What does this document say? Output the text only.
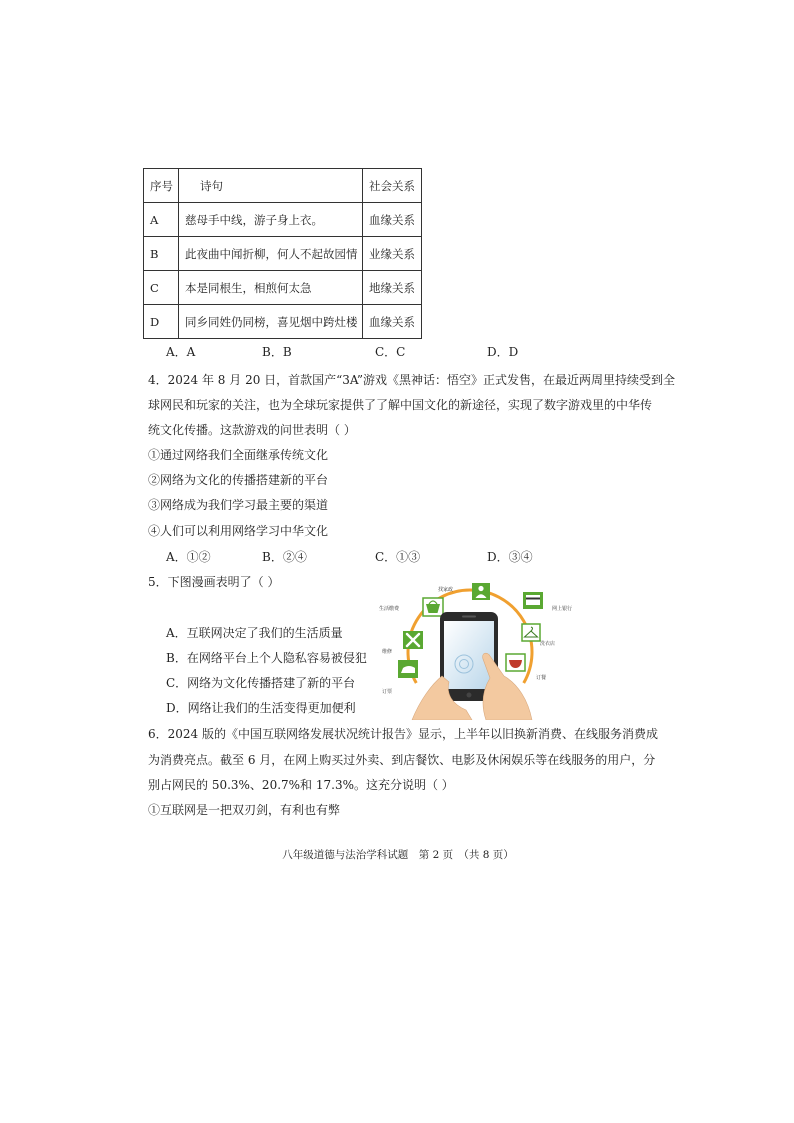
序号	诗句	社会关系
A	慈母手中线，游子身上衣。	血缘关系
B	此夜曲中闻折柳，何人不起故园情	业缘关系
C	本是同根生，相煎何太急	地缘关系
D	同乡同姓仍同榜，喜见烟中跨灶楼	血缘关系
A．A	B．B	C．C	D．D
4．2024 年 8 月 20 日，首款国产“3A”游戏《黑神话：悟空》正式发售，在最近两周里持续受到全
球网民和玩家的关注，也为全球玩家提供了了解中国文化的新途径，实现了数字游戏里的中华传
统文化传播。这款游戏的问世表明（ ）
①通过网络我们全面继承传统文化
②网络为文化的传播搭建新的平台
③网络成为我们学习最主要的渠道
④人们可以利用网络学习中华文化
A．①②	B．②④	C．①③	D．③④
5．下图漫画表明了（ ）
A．互联网决定了我们的生活质量
B．在网络平台上个人隐私容易被侵犯
C．网络为文化传播搭建了新的平台
D．网络让我们的生活变得更加便利
找家政
生活缴费
维修
订票
网上银行
洗衣店
订餐
6．2024 版的《中国互联网络发展状况统计报告》显示，上半年以旧换新消费、在线服务消费成
为消费亮点。截至 6 月，在网上购买过外卖、到店餐饮、电影及休闲娱乐等在线服务的用户，分
别占网民的 50.3%、20.7%和 17.3%。这充分说明（ ）
①互联网是一把双刃剑，有利也有弊
八年级道德与法治学科试题　第 2 页　（共 8 页）
